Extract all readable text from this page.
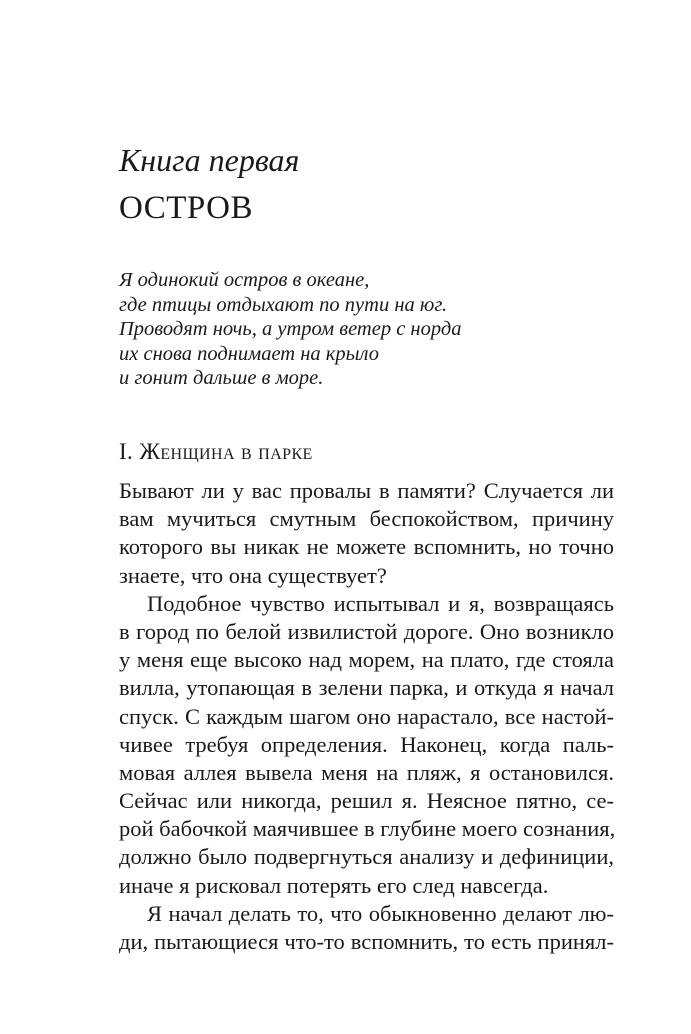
Книга первая
ОСТРОВ
Я одинокий остров в океане,
где птицы отдыхают по пути на юг.
Проводят ночь, а утром ветер с норда
их снова поднимает на крыло
и гонит дальше в море.
I. Женщина в парке
Бывают ли у вас провалы в памяти? Случается ли
вам мучиться смутным беспокойством, причину
которого вы никак не можете вспомнить, но точно
знаете, что она существует?
Подобное чувство испытывал и я, возвращаясь
в город по белой извилистой дороге. Оно возникло
у меня еще высоко над морем, на плато, где стояла
вилла, утопающая в зелени парка, и откуда я начал
спуск. С каждым шагом оно нарастало, все настой-
чивее требуя определения. Наконец, когда паль-
мовая аллея вывела меня на пляж, я остановился.
Сейчас или никогда, решил я. Неясное пятно, се-
рой бабочкой маячившее в глубине моего сознания,
должно было подвергнуться анализу и дефиниции,
иначе я рисковал потерять его след навсегда.
Я начал делать то, что обыкновенно делают лю-
ди, пытающиеся что-то вспомнить, то есть принял-
